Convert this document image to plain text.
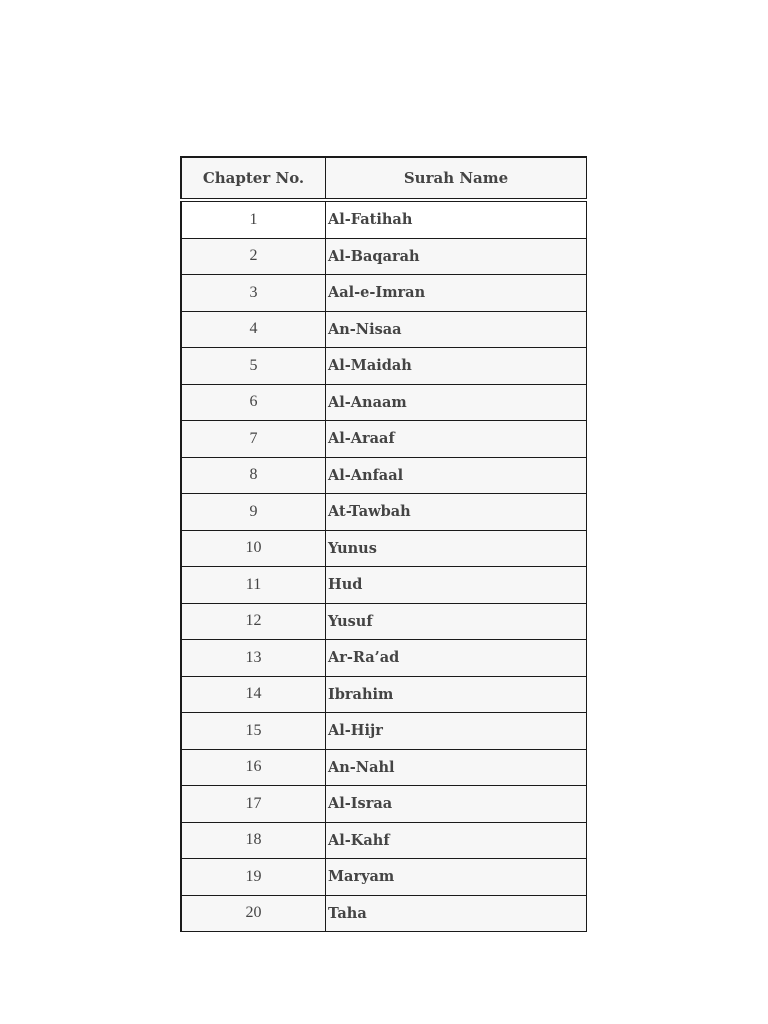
Chapter No.	Surah Name
1	Al-Fatihah
2	Al-Baqarah
3	Aal-e-Imran
4	An-Nisaa
5	Al-Maidah
6	Al-Anaam
7	Al-Araaf
8	Al-Anfaal
9	At-Tawbah
10	Yunus
11	Hud
12	Yusuf
13	Ar-Ra’ad
14	Ibrahim
15	Al-Hijr
16	An-Nahl
17	Al-Israa
18	Al-Kahf
19	Maryam
20	Taha
